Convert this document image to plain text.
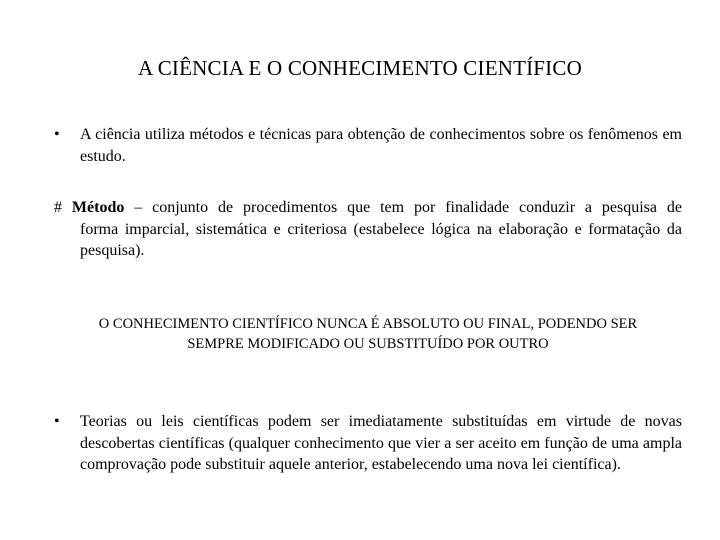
A CIÊNCIA E O CONHECIMENTO CIENTÍFICO
• A ciência utiliza métodos e técnicas para obtenção de conhecimentos sobre os fenômenos em estudo.
# Método – conjunto de procedimentos que tem por finalidade conduzir a pesquisa de
forma imparcial, sistemática e criteriosa (estabelece lógica na elaboração e formatação da pesquisa).
O CONHECIMENTO CIENTÍFICO NUNCA É ABSOLUTO OU FINAL, PODENDO SER
SEMPRE MODIFICADO OU SUBSTITUÍDO POR OUTRO
• Teorias ou leis científicas podem ser imediatamente substituídas em virtude de novas descobertas científicas (qualquer conhecimento que vier a ser aceito em função de uma ampla comprovação pode substituir aquele anterior, estabelecendo uma nova lei científica).
